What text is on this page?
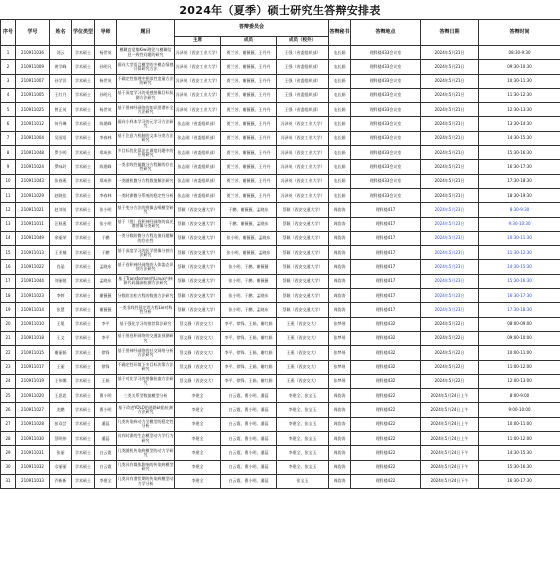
2024年（夏季）硕士研究生答辩安排表
序号	学号	姓名	学位类型	导师	题目	答辩委员会			答辩秘书	答辩地点	答辩日期	答辩时间
						主席	成员	成员（校外）				
1	210911036	刘云	学术硕士	杨世英	模糊直觉集Kiwi理论与模糊信息一致性问题的研究	冯泽英（西安工业大学）	贾兰芳、谢薇薇、王丹丹	王强（省委组织部）	屯长娟	理科楼433会议室	2024年5月21日	08:30-9:30
2	210911009	黄学峰	学术硕士	孙明凡	面向大型语言模型的多模态情感计算研究方法	冯泽英（西安工业大学）	贾兰芳、谢薇薇、王丹丹	王强（省委组织部）	屯长娟	理科楼433会议室	2024年5月21日	09:30-10:30
3	210911007	孙学洋	学术硕士	杨世英	不确定性推理中相似性度量方法的研究	冯泽英（西安工业大学）	贾兰芳、谢薇薇、王丹丹	王强（省委组织部）	屯长娟	理科楼433会议室	2024年5月21日	10:30-11:30
4	210911005	王红月	学术硕士	孙明凡	基于深度学习的遥感图像目标检测方法研究	冯泽英（西安工业大学）	贾兰芳、谢薇薇、王丹丹	王强（省委组织部）	屯长娟	理科楼433会议室	2024年5月21日	11:30-12:30
5	210911025	曾正英	学术硕士	杨世英	基于图神经网络的知识图谱补全方法研究	冯泽英（西安工业大学）	贾兰芳、谢薇薇、王丹丹	王强（省委组织部）	屯长娟	理科楼433会议室	2024年5月21日	12:30-13:30
6	210911012	何丹琳	学术硕士	陈建峰	面向小样本学习的元学习方法研究	张志刚（省委组织部）	贾兰芳、谢薇薇、王丹丹	冯泽英（西安工业大学）	屯长娟	理科楼433会议室	2024年5月21日	13:30-14:30
7	210911004	吴国语	学术硕士	李春林	基于注意力机制的文本分类方法研究	张志刚（省委组织部）	贾兰芳、谢薇薇、王丹丹	冯泽英（西安工业大学）	屯长娟	理科楼433会议室	2024年5月21日	14:30-15:30
8	210911048	罗少明	学术硕士	郑成伟	多目标优化算法在调度问题中的应用研究	张志刚（省委组织部）	贾兰芳、谢薇薇、王丹丹	冯泽英（西安工业大学）	屯长娟	理科楼433会议室	2024年5月21日	15:30-16:30
9	210911024	罗咏玲	学术硕士	陈建峰	一类非线性偏微分方程解的存在性研究	张志刚（省委组织部）	贾兰芳、谢薇薇、王丹丹	冯泽英（西安工业大学）	屯长娟	理科楼433会议室	2024年5月21日	16:30-17:30
10	210911043	张春燕	学术硕士	郑成伟	一类随机微分方程数值解法研究	张志刚（省委组织部）	贾兰芳、谢薇薇、王丹丹	冯泽英（西安工业大学）	屯长娟	理科楼433会议室	2024年5月21日	17:30-18:30
11	210911029	赵晓佳	学术硕士	李春林	一类时滞微分系统的稳定性分析	张志刚（省委组织部）	贾兰芳、谢薇薇、王丹丹	冯泽英（西安工业大学）	屯长娟	理科楼433会议室	2024年5月21日	18:30-19:30
12	210911021	赵刘英	学术硕士	张小明	基于变分方法的图像去噪模型研究	蔡颖（西安交通大学）	于鹏、谢薇薇、孟晓东	蔡颖（西安交通大学）	周韵涛	理科楼417	2024年5月23日	8:30-9:30
13	210911011	汪秋燕	学术硕士	张小明	基于（图）卷积神经网络的高光谱图像分类研究	蔡颖（西安交通大学）	于鹏、谢薇薇、孟晓东	蔡颖（西安交通大学）	周韵涛	理科楼417	2024年5月23日	9:30-10:30
14	210911049	余丽荣	学术硕士	于鹏	一类分数阶微分方程边值问题解的存在性	蔡颖（西安交通大学）	张小明、谢薇薇、孟晓东	蔡颖（西安交通大学）	周韵涛	理科楼417	2024年5月23日	10:30-11:30
15	210911013	王亚楠	学术硕士	于鹏	基于深度学习的医学图像分割方法研究	蔡颖（西安交通大学）	张小明、谢薇薇、孟晓东	蔡颖（西安交通大学）	周韵涛	理科楼417	2024年5月23日	11:30-12:30
16	210911022	肖晶	学术硕士	孟晓东	基于卷积神经网络的人体姿态识别方法研究	蔡颖（西安交通大学）	张小明、于鹏、谢薇薇	蔡颖（西安交通大学）	周韵涛	理科楼417	2024年5月23日	14:30-15:30
17	210911044	刘丽媛	学术硕士	孟晓东	基于Transformer的Linux内核源代码漏洞检测方法研究	蔡颖（西安交通大学）	张小明、于鹏、谢薇薇	蔡颖（西安交通大学）	周韵涛	理科楼417	2024年5月23日	15:30-16:30
18	210911023	李婷	学术硕士	谢薇薇	分数阶泊松方程的数值方法研究	蔡颖（西安交通大学）	张小明、于鹏、孟晓东	蔡颖（西安交通大学）	周韵涛	理科楼417	2024年5月23日	16:30-17:30
19	210911014	张慧	学术硕士	谢薇薇	一类非线性薛定谔方程Lie对称性分析	蔡颖（西安交通大学）	张小明、于鹏、孟晓东	蔡颖（西安交通大学）	周韵涛	理科楼417	2024年5月23日	17:30-18:30
20	210911010	王冕	学术硕士	李平	基于强化学习的推荐算法研究	蔡文静（西安交大）	李平、徐锋、王娟、谢红娟	王燕（西安交大）	张梦瑶	理科楼432	2024年5月22日	08:00-09:00
21	210911018	王文	学术硕士	李平	基于图卷积网络的交通流预测研究	蔡文静（西安交大）	李平、徐锋、王娟、谢红娟	王燕（西安交大）	张梦瑶	理科楼432	2024年5月22日	09:00-10:00
22	210911015	谢丽娟	学术硕士	徐锋	基于图神经网络的社交网络分析方法研究	蔡文静（西安交大）	李平、徐锋、王娟、谢红娟	王燕（西安交大）	张梦瑶	理科楼432	2024年5月22日	10:00-11:00
23	210911017	王丽	学术硕士	徐锋	不确定性环境下多目标决策方法研究	蔡文静（西安交大）	李平、徐锋、王娟、谢红娟	王燕（西安交大）	张梦瑶	理科楼432	2024年5月22日	11:00-12:00
24	210911019	王伟娜	学术硕士	王娟	基于对比学习的图像检索方法研究	蔡文静（西安交大）	李平、徐锋、王娟、谢红娟	王燕（西安交大）	张梦瑶	理科楼432	2024年5月22日	12:00-13:00
25	210911020	王思思	学术硕士	曹小明	三类关系型数据模型分析	李建全	白云霞、曹小明、潘蕊	李建全、张宝玉	周韵涛	理科楼422	2024年5月24日上午	8:00-9:00
26	210911027	龙鹏	学术硕士	曹小明	基于改进YOLO的道路缺陷检测方法研究	李建全	白云霞、曹小明、潘蕊	李建全、张宝玉	周韵涛	理科楼422	2024年5月24日上午	9:00-10:00
27	210911028	彭双芸	学术硕士	潘蕊	几类传染病动力学模型的稳定性分析	李建全	白云霞、曹小明、潘蕊	李建全、张宝玉	周韵涛	理科楼422	2024年5月24日上午	10:00-11:00
28	210911030	蔡明伟	学术硕士	潘蕊	具有时滞的生态模型动力学行为研究	李建全	白云霞、曹小明、潘蕊	李建全、张宝玉	周韵涛	理科楼422	2024年5月24日上午	11:00-12:00
29	210911031	张丽	学术硕士	白云霞	几类随机传染病模型的动力学研究	李建全	白云霞、曹小明、潘蕊	李建全、张宝玉	周韵涛	理科楼422	2024年5月24日下午	14:30-15:30
30	210911032	佘丽丽	学术硕士	白云霞	几类具有媒体影响的传染病模型研究	李建全	白云霞、曹小明、潘蕊	李建全、张宝玉	周韵涛	理科楼422	2024年5月24日下午	15:30-16:30
31	210911033	乔新新	学术硕士	李建全	几类具有潜伏期的传染病模型动力学分析	李建全	白云霞、曹小明、潘蕊	张宝玉	周韵涛	理科楼422	2024年5月24日下午	16:30-17:30
